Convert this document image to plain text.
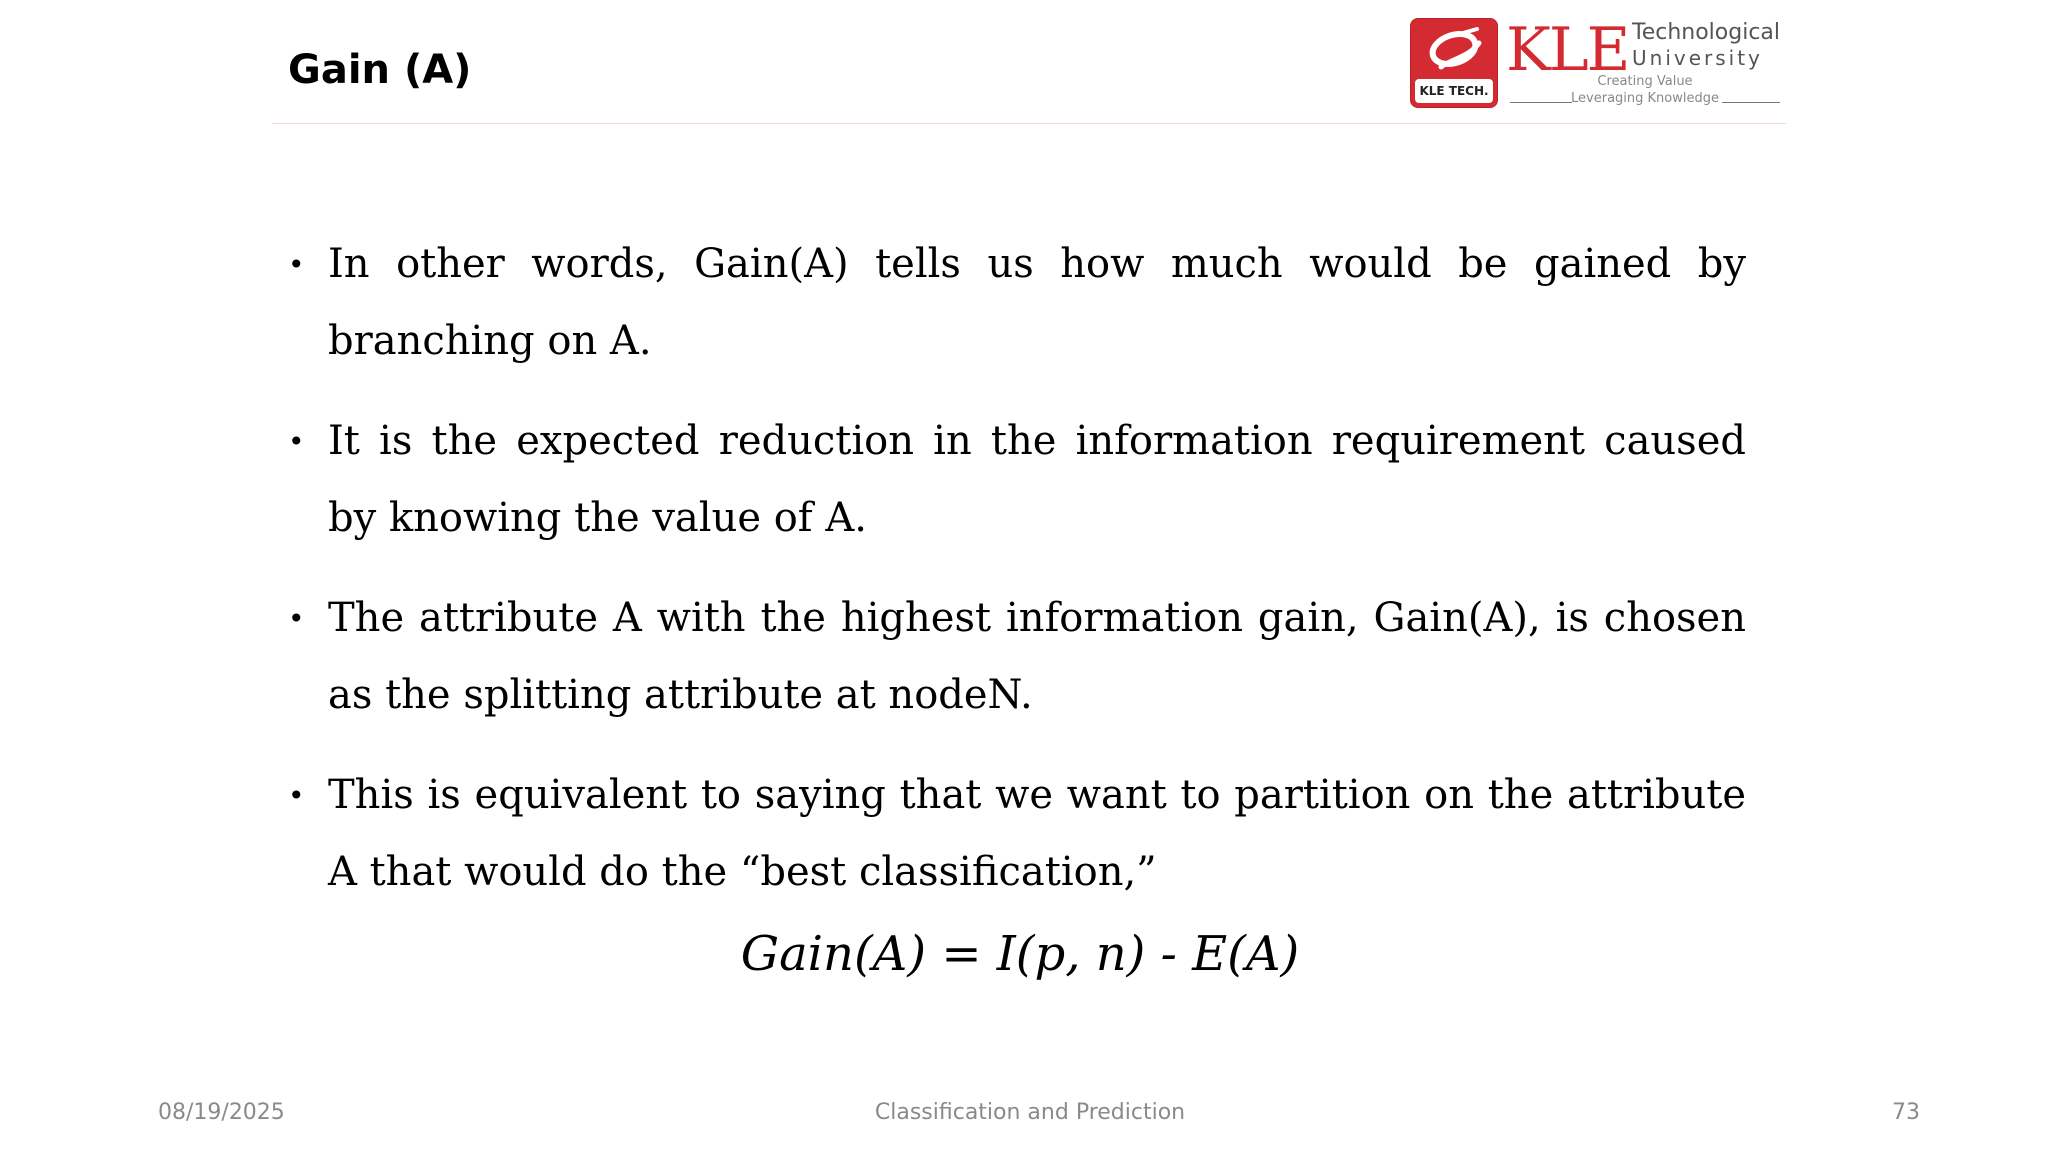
Gain (A)	KLE TECH.
KLE Technological
University
Creating Value
Leveraging Knowledge
• In other words, Gain(A) tells us how much would be gained by branching on A.
• It is the expected reduction in the information requirement caused by knowing the value of A.
• The attribute A with the highest information gain, Gain(A), is chosen as the splitting attribute at nodeN.
• This is equivalent to saying that we want to partition on the attribute A that would do the “best classification,”
Gain(A) = I(p, n) - E(A)
08/19/2025	Classification and Prediction	73
